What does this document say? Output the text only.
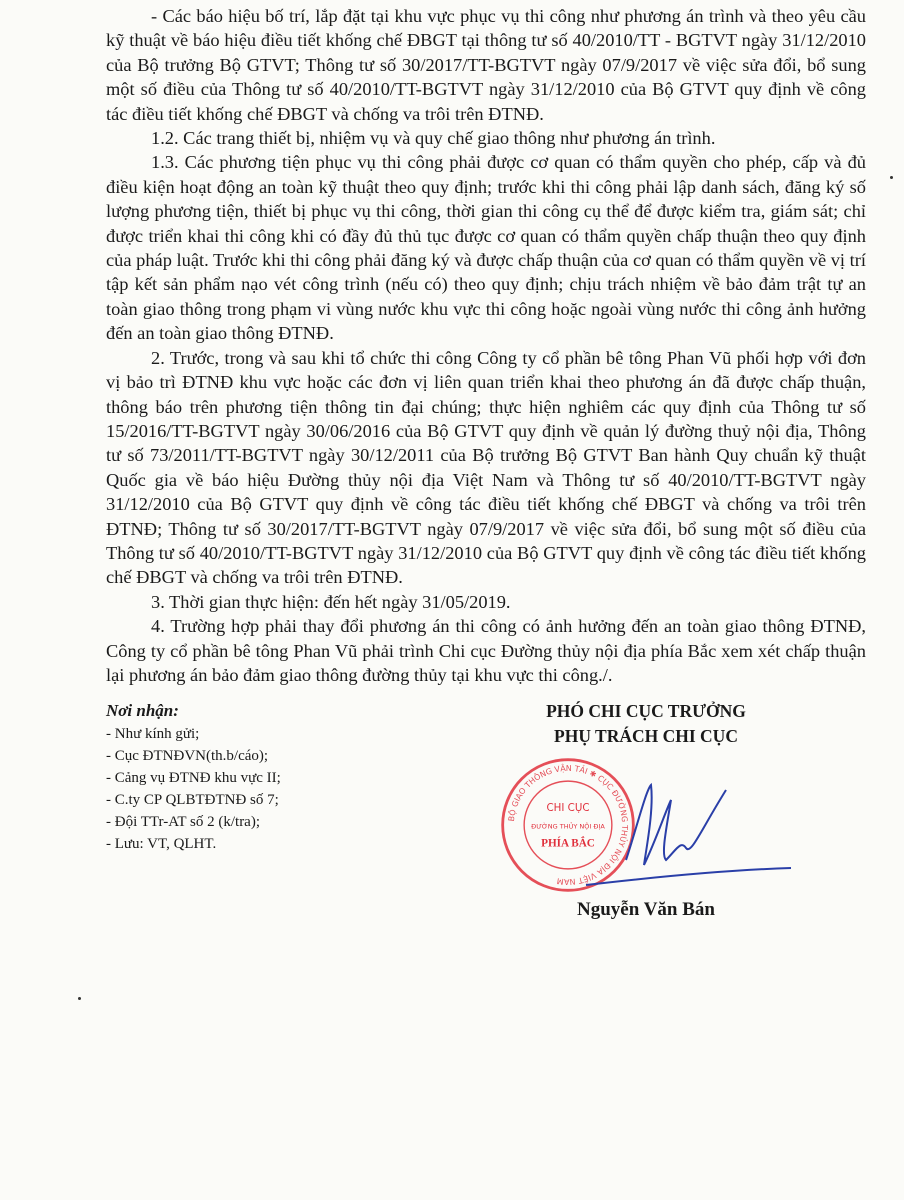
- Các báo hiệu bố trí, lắp đặt tại khu vực phục vụ thi công như phương án trình và theo yêu cầu kỹ thuật về báo hiệu điều tiết khống chế ĐBGT tại thông tư số 40/2010/TT - BGTVT ngày 31/12/2010 của Bộ trưởng Bộ GTVT; Thông tư số 30/2017/TT-BGTVT ngày 07/9/2017 về việc sửa đổi, bổ sung một số điều của Thông tư số 40/2010/TT-BGTVT ngày 31/12/2010 của Bộ GTVT quy định về công tác điều tiết khống chế ĐBGT và chống va trôi trên ĐTNĐ.

1.2. Các trang thiết bị, nhiệm vụ và quy chế giao thông như phương án trình.

1.3. Các phương tiện phục vụ thi công phải được cơ quan có thẩm quyền cho phép, cấp và đủ điều kiện hoạt động an toàn kỹ thuật theo quy định; trước khi thi công phải lập danh sách, đăng ký số lượng phương tiện, thiết bị phục vụ thi công, thời gian thi công cụ thể để được kiểm tra, giám sát; chỉ được triển khai thi công khi có đầy đủ thủ tục được cơ quan có thẩm quyền chấp thuận theo quy định của pháp luật. Trước khi thi công phải đăng ký và được chấp thuận của cơ quan có thẩm quyền về vị trí tập kết sản phẩm nạo vét công trình (nếu có) theo quy định; chịu trách nhiệm về bảo đảm trật tự an toàn giao thông trong phạm vi vùng nước khu vực thi công hoặc ngoài vùng nước thi công ảnh hưởng đến an toàn giao thông ĐTNĐ.

2. Trước, trong và sau khi tổ chức thi công Công ty cổ phần bê tông Phan Vũ phối hợp với đơn vị bảo trì ĐTNĐ khu vực hoặc các đơn vị liên quan triển khai theo phương án đã được chấp thuận, thông báo trên phương tiện thông tin đại chúng; thực hiện nghiêm các quy định của Thông tư số 15/2016/TT-BGTVT ngày 30/06/2016 của Bộ GTVT quy định về quản lý đường thuỷ nội địa, Thông tư số 73/2011/TT-BGTVT ngày 30/12/2011 của Bộ trưởng Bộ GTVT Ban hành Quy chuẩn kỹ thuật Quốc gia về báo hiệu Đường thủy nội địa Việt Nam và Thông tư số 40/2010/TT-BGTVT ngày 31/12/2010 của Bộ GTVT quy định về công tác điều tiết khống chế ĐBGT và chống va trôi trên ĐTNĐ; Thông tư số 30/2017/TT-BGTVT ngày 07/9/2017 về việc sửa đổi, bổ sung một số điều của Thông tư số 40/2010/TT-BGTVT ngày 31/12/2010 của Bộ GTVT quy định về công tác điều tiết khống chế ĐBGT và chống va trôi trên ĐTNĐ.

3. Thời gian thực hiện: đến hết ngày 31/05/2019.

4. Trường hợp phải thay đổi phương án thi công có ảnh hưởng đến an toàn giao thông ĐTNĐ, Công ty cổ phần bê tông Phan Vũ phải trình Chi cục Đường thủy nội địa phía Bắc xem xét chấp thuận lại phương án bảo đảm giao thông đường thủy tại khu vực thi công./.

Nơi nhận:
- Như kính gửi;
- Cục ĐTNĐVN(th.b/cáo);
- Cảng vụ ĐTNĐ khu vực II;
- C.ty CP QLBTĐTNĐ số 7;
- Đội TTr-AT số 2 (k/tra);
- Lưu: VT, QLHT.
PHÓ CHI CỤC TRƯỞNG
PHỤ TRÁCH CHI CỤC
BỘ GIAO THÔNG VẬN TẢI ✱ CỤC ĐƯỜNG THỦY NỘI ĐỊA VIỆT NAM
CHI CỤC
ĐƯỜNG THỦY NỘI ĐỊA
PHÍA BẮC
Nguyễn Văn Bán
